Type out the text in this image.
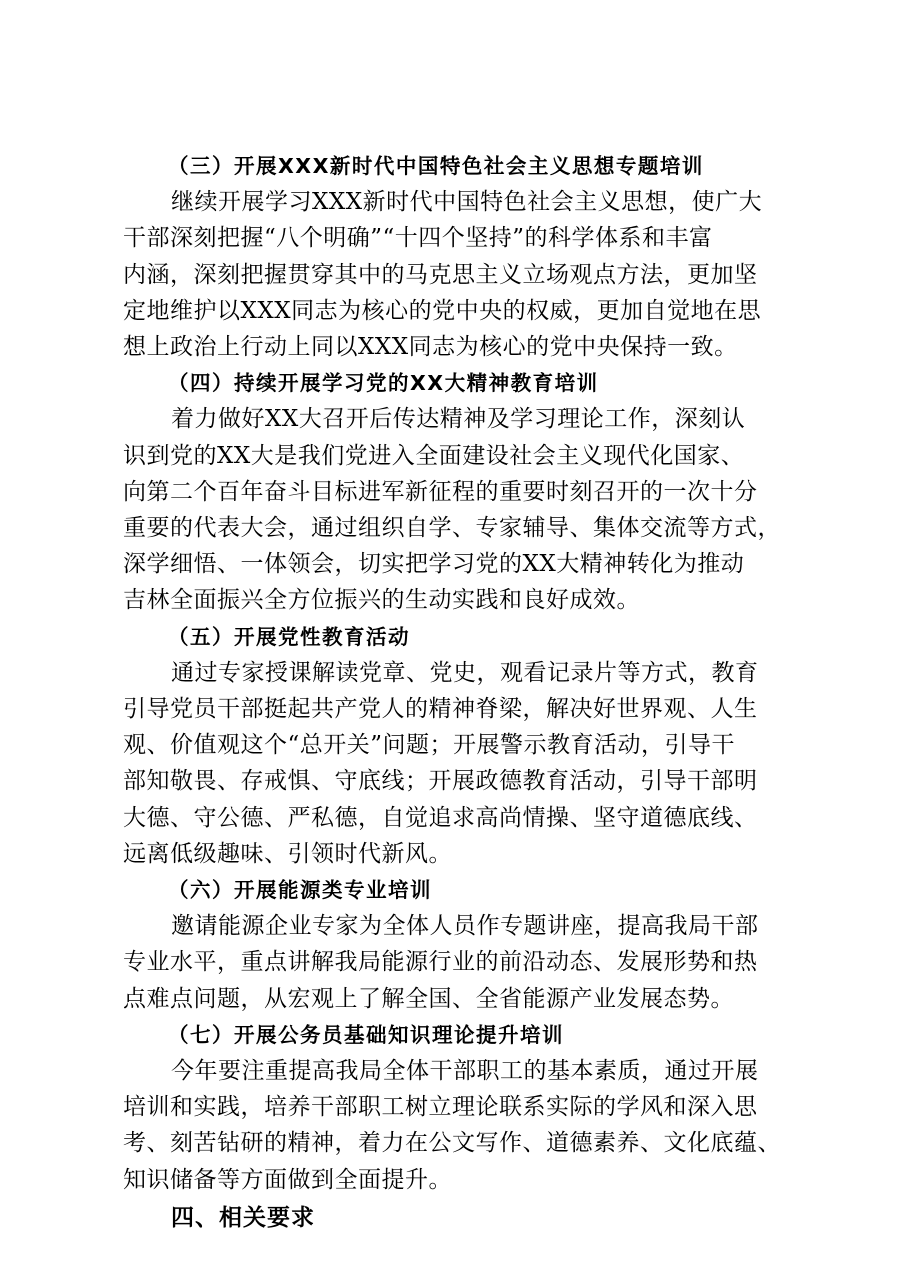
（三）开展XXX新时代中国特色社会主义思想专题培训
继续开展学习XXX新时代中国特色社会主义思想，使广大
干部深刻把握“八个明确”“十四个坚持”的科学体系和丰富
内涵，深刻把握贯穿其中的马克思主义立场观点方法，更加坚
定地维护以XXX同志为核心的党中央的权威，更加自觉地在思
想上政治上行动上同以XXX同志为核心的党中央保持一致。
（四）持续开展学习党的XX大精神教育培训
着力做好XX大召开后传达精神及学习理论工作，深刻认
识到党的XX大是我们党进入全面建设社会主义现代化国家、
向第二个百年奋斗目标进军新征程的重要时刻召开的一次十分
重要的代表大会，通过组织自学、专家辅导、集体交流等方式，
深学细悟、一体领会，切实把学习党的XX大精神转化为推动
吉林全面振兴全方位振兴的生动实践和良好成效。
（五）开展党性教育活动
通过专家授课解读党章、党史，观看记录片等方式，教育
引导党员干部挺起共产党人的精神脊梁，解决好世界观、人生
观、价值观这个“总开关”问题；开展警示教育活动，引导干
部知敬畏、存戒惧、守底线；开展政德教育活动，引导干部明
大德、守公德、严私德，自觉追求高尚情操、坚守道德底线、
远离低级趣味、引领时代新风。
（六）开展能源类专业培训
邀请能源企业专家为全体人员作专题讲座，提高我局干部
专业水平，重点讲解我局能源行业的前沿动态、发展形势和热
点难点问题，从宏观上了解全国、全省能源产业发展态势。
（七）开展公务员基础知识理论提升培训
今年要注重提高我局全体干部职工的基本素质，通过开展
培训和实践，培养干部职工树立理论联系实际的学风和深入思
考、刻苦钻研的精神，着力在公文写作、道德素养、文化底蕴、
知识储备等方面做到全面提升。
四、相关要求
